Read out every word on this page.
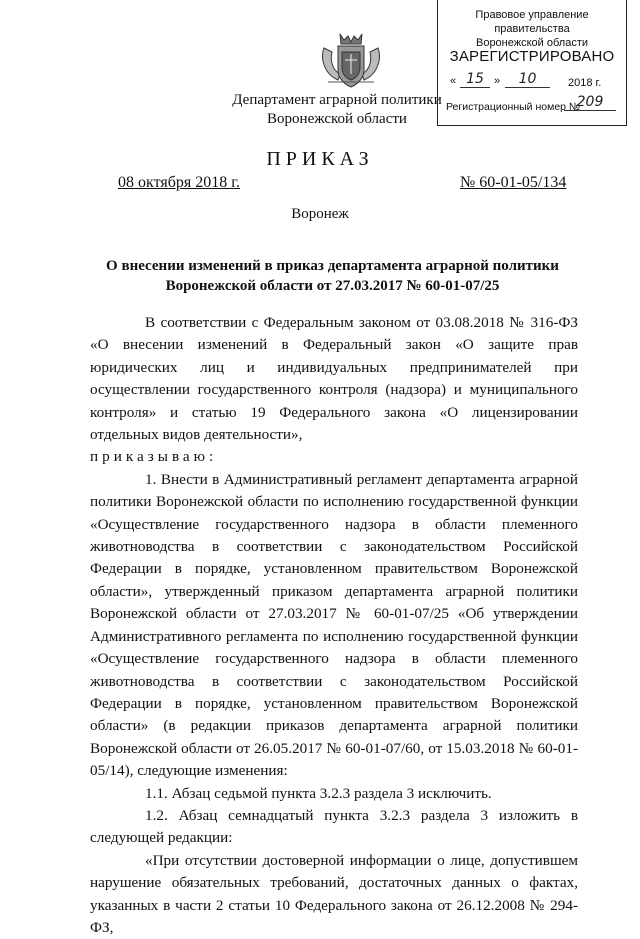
Департамент аграрной политики
Воронежской области
Правовое управление правительства
Воронежской области
ЗАРЕГИСТРИРОВАНО
« 15 »	10	2018 г.
Регистрационный номер №
209
ПРИКАЗ
08 октября 2018 г.	№ 60-01-05/134
Воронеж
О внесении изменений в приказ департамента аграрной политики
Воронежской области от 27.03.2017 № 60-01-07/25

В соответствии с Федеральным законом от 03.08.2018 № 316-ФЗ «О внесении изменений в Федеральный закон «О защите прав юридических лиц и индивидуальных предпринимателей при осуществлении государственного контроля (надзора) и муниципального контроля» и статью 19 Федерального закона «О лицензировании отдельных видов деятельности»,

приказываю:

1. Внести в Административный регламент департамента аграрной политики Воронежской области по исполнению государственной функции «Осуществление государственного надзора в области племенного животноводства в соответствии с законодательством Российской Федерации в порядке, установленном правительством Воронежской области», утвержденный приказом департамента аграрной политики Воронежской области от 27.03.2017 № 60-01-07/25 «Об утверждении Административного регламента по исполнению государственной функции «Осуществление государственного надзора в области племенного животноводства в соответствии с законодательством Российской Федерации в порядке, установленном правительством Воронежской области» (в редакции приказов департамента аграрной политики Воронежской области от 26.05.2017 № 60-01-07/60, от 15.03.2018 № 60-01-05/14), следующие изменения:

1.1. Абзац седьмой пункта 3.2.3 раздела 3 исключить.

1.2. Абзац семнадцатый пункта 3.2.3 раздела 3 изложить в следующей редакции:

«При отсутствии достоверной информации о лице, допустившем нарушение обязательных требований, достаточных данных о фактах, указанных в части 2 статьи 10 Федерального закона от 26.12.2008 № 294-ФЗ,
